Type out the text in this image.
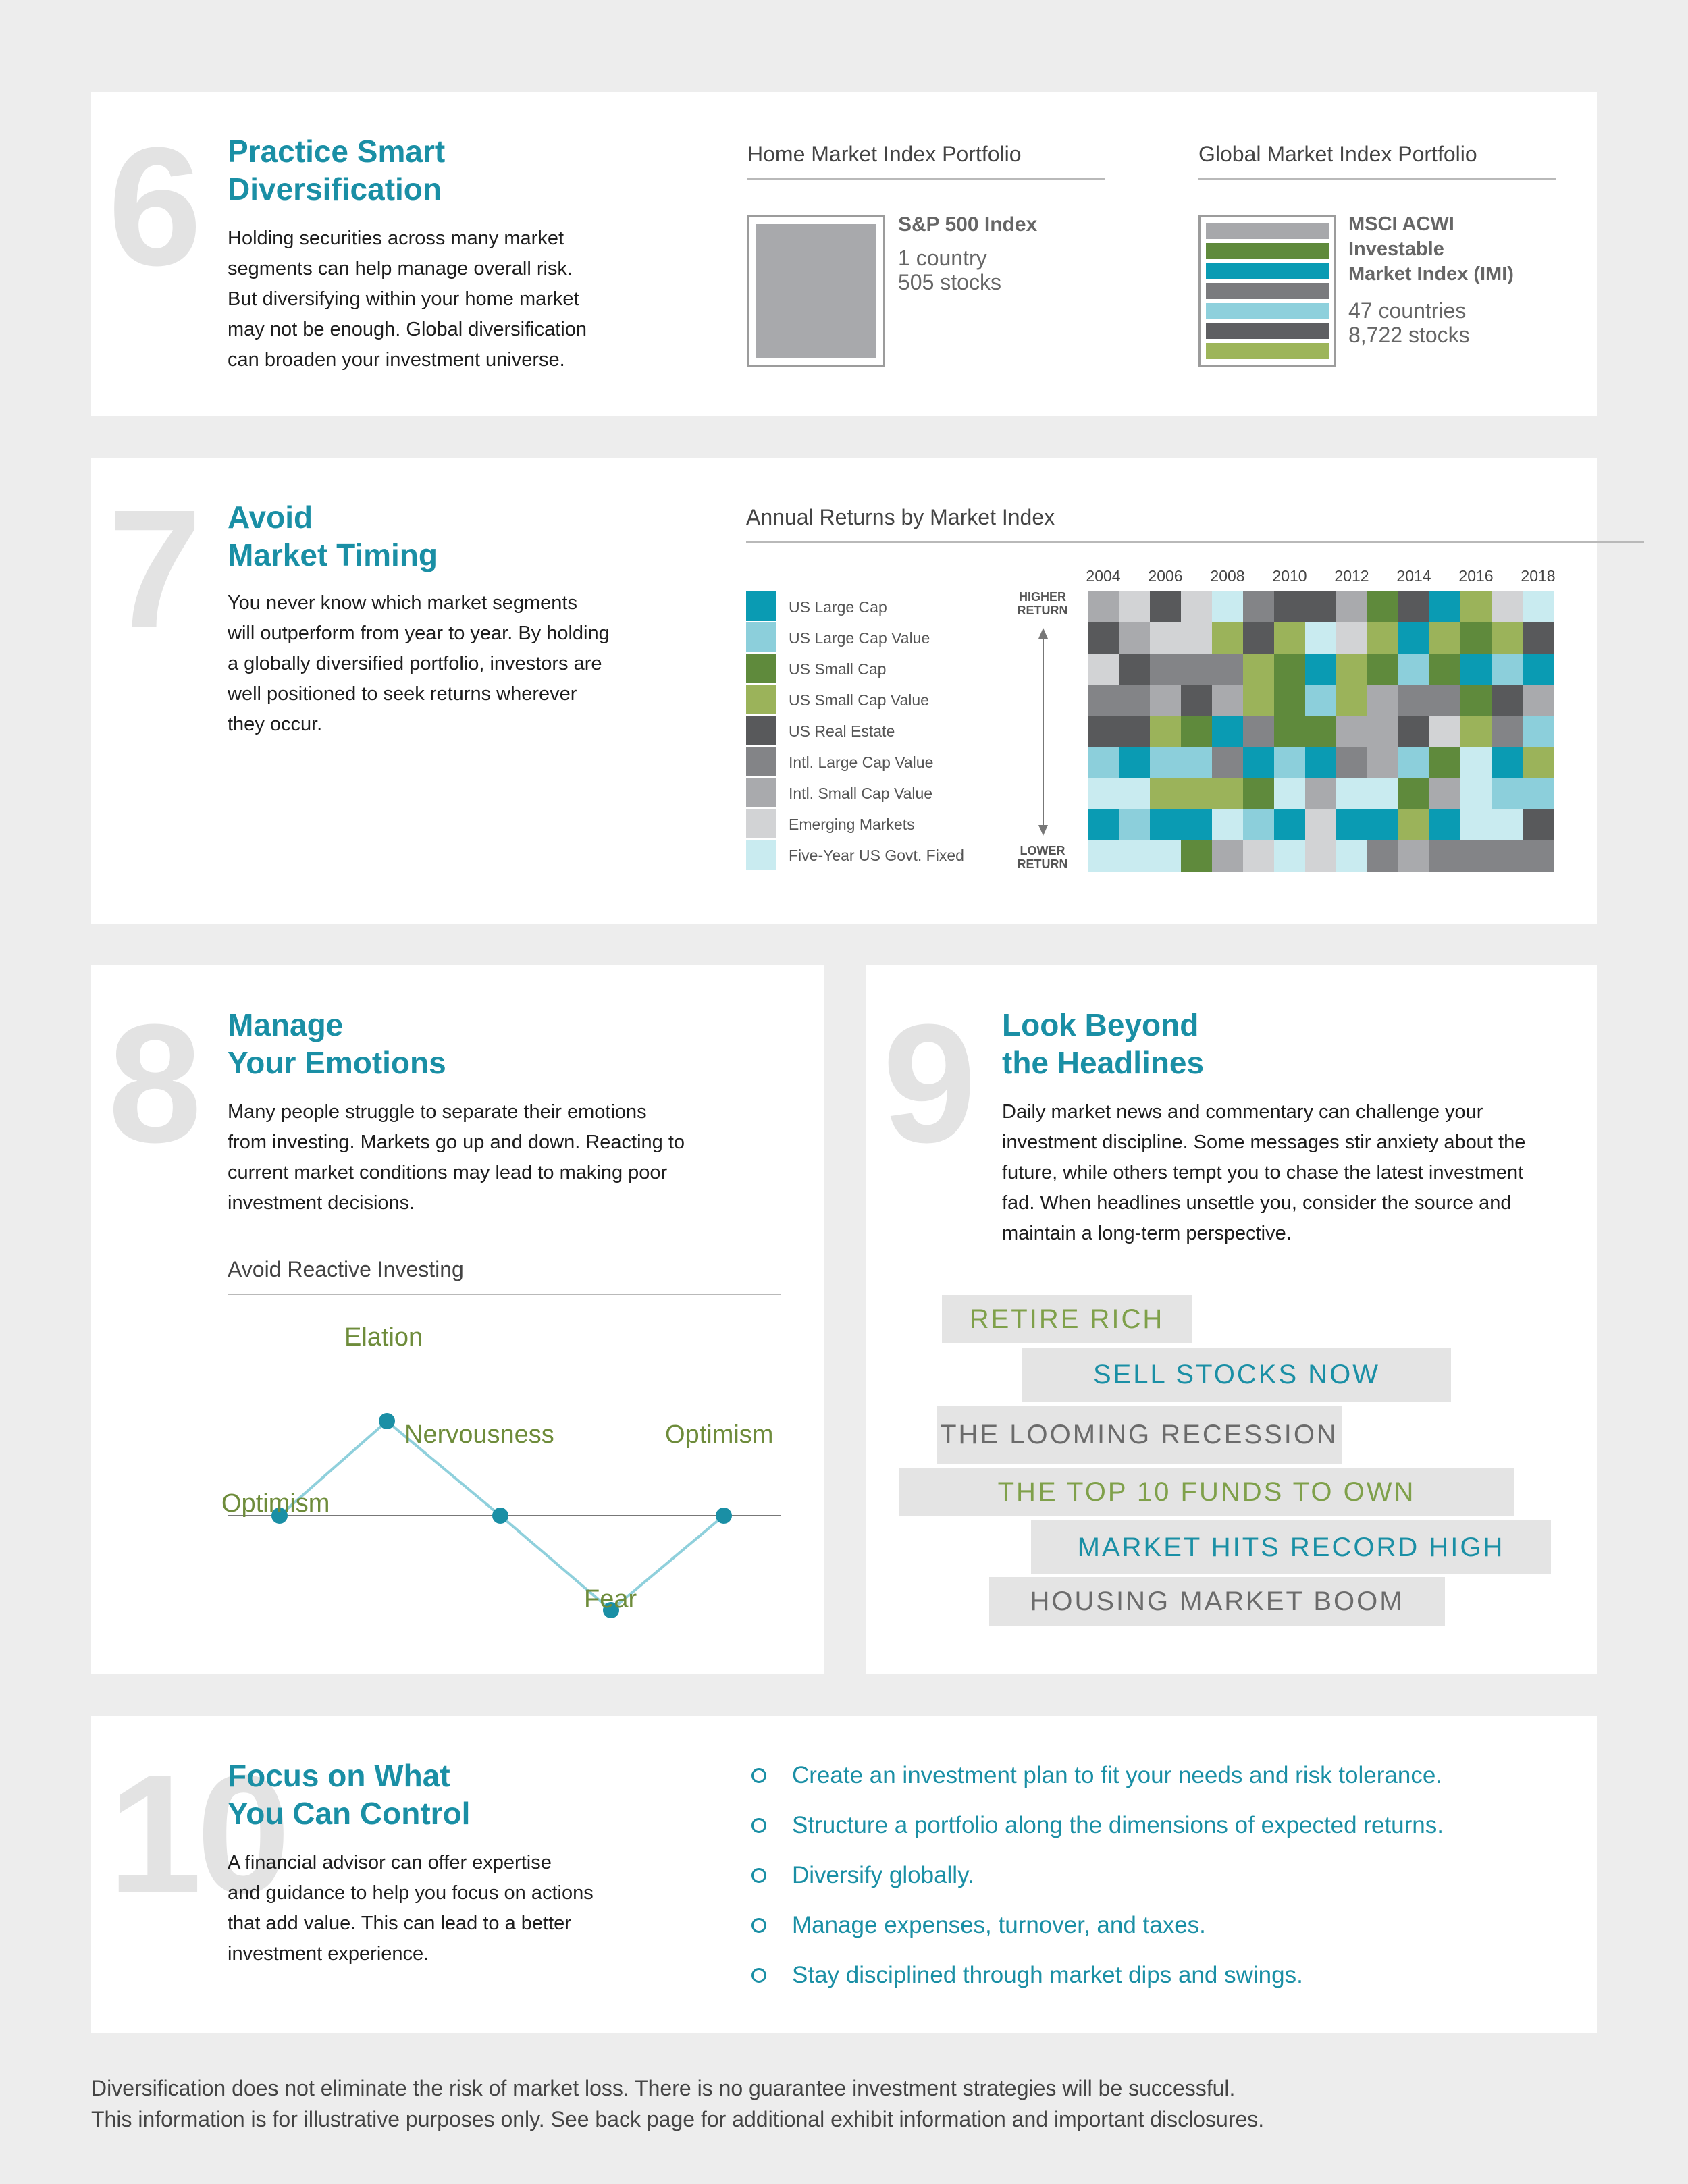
6 Practice Smart
Diversification

Holding securities across many market
segments can help manage overall risk.
But diversifying within your home market
may not be enough. Global diversification
can broaden your investment universe.

Home Market Index Portfolio
S&P 500 Index
1 country
505 stocks
Global Market Index Portfolio
MSCI ACWI
Investable
Market Index (IMI)
47 countries
8,722 stocks
7 Avoid
Market Timing

You never know which market segments
will outperform from year to year. By holding
a globally diversified portfolio, investors are
well positioned to seek returns wherever
they occur.

Annual Returns by Market Index
US Large Cap
US Large Cap Value
US Small Cap
US Small Cap Value
US Real Estate
Intl. Large Cap Value
Intl. Small Cap Value
Emerging Markets
Five-Year US Govt. Fixed
HIGHER
RETURN
LOWER
RETURN
2004	2006	2008	2010	2012	2014	2016	2018
8 Manage
Your Emotions

Many people struggle to separate their emotions
from investing. Markets go up and down. Reacting to
current market conditions may lead to making poor
investment decisions.

Avoid Reactive Investing
Optimism
Elation
Nervousness
Fear
Optimism
9 Look Beyond
the Headlines

Daily market news and commentary can challenge your
investment discipline. Some messages stir anxiety about the
future, while others tempt you to chase the latest investment
fad. When headlines unsettle you, consider the source and
maintain a long-term perspective.

RETIRE RICH
SELL STOCKS NOW
THE LOOMING RECESSION
THE TOP 10 FUNDS TO OWN
MARKET HITS RECORD HIGH
HOUSING MARKET BOOM
10
Focus on What
You Can Control

A financial advisor can offer expertise
and guidance to help you focus on actions
that add value. This can lead to a better
investment experience.

Create an investment plan to fit your needs and risk tolerance.
Structure a portfolio along the dimensions of expected returns.
Diversify globally.
Manage expenses, turnover, and taxes.
Stay disciplined through market dips and swings.
Diversification does not eliminate the risk of market loss. There is no guarantee investment strategies will be successful.
This information is for illustrative purposes only. See back page for additional exhibit information and important disclosures.
